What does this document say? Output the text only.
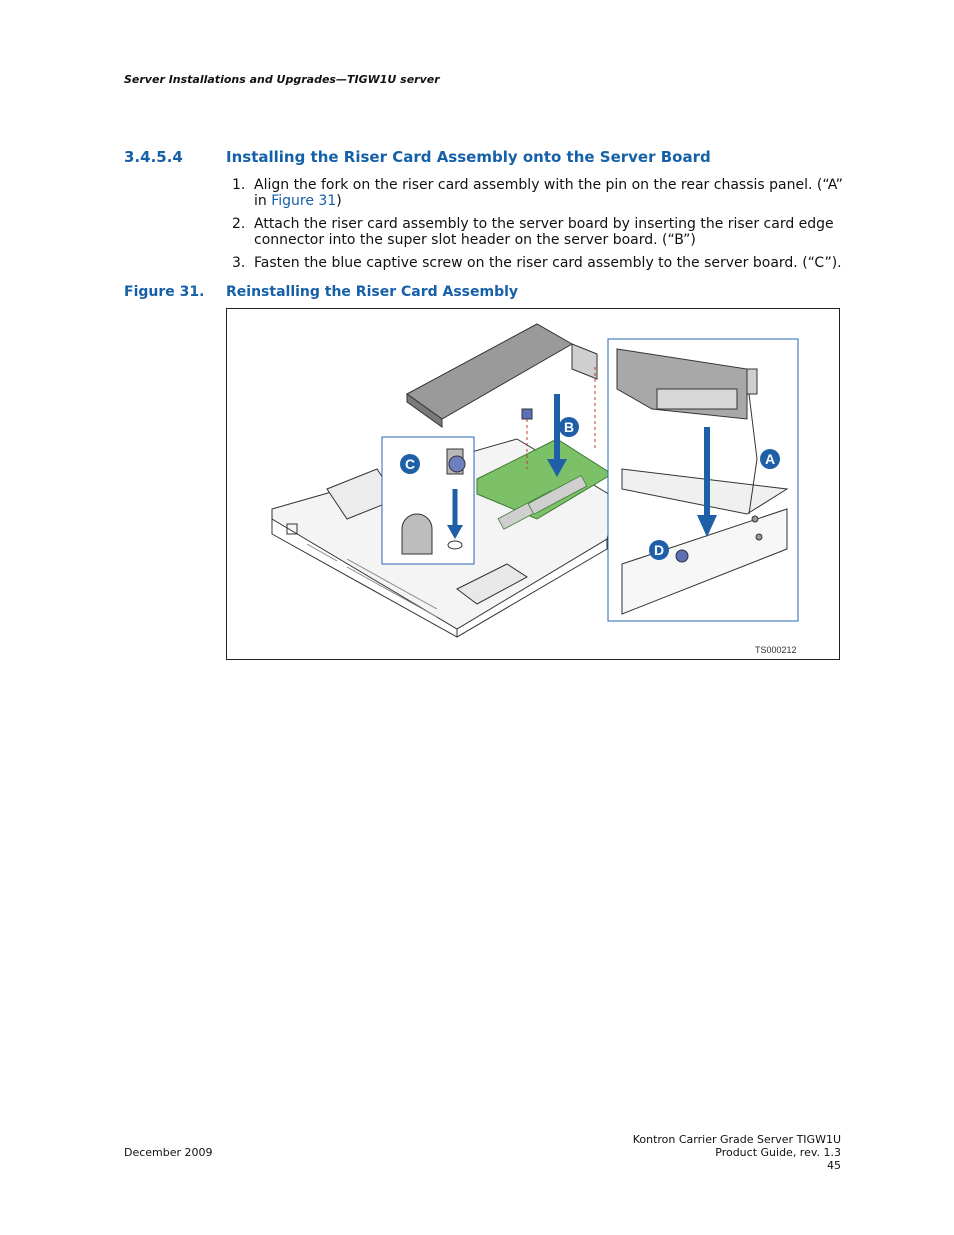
Server Installations and Upgrades—TIGW1U server
3.4.5.4	Installing the Riser Card Assembly onto the Server Board
1. Align the fork on the riser card assembly with the pin on the rear chassis panel. (“A” in Figure 31)
2. Attach the riser card assembly to the server board by inserting the riser card edge connector into the super slot header on the server board. (“B”)
3. Fasten the blue captive screw on the riser card assembly to the server board. (“C”).
Figure 31. Reinstalling the Riser Card Assembly
A
B
C
D
TS000212
December 2009
Kontron Carrier Grade Server TIGW1U
Product Guide, rev. 1.3
45
